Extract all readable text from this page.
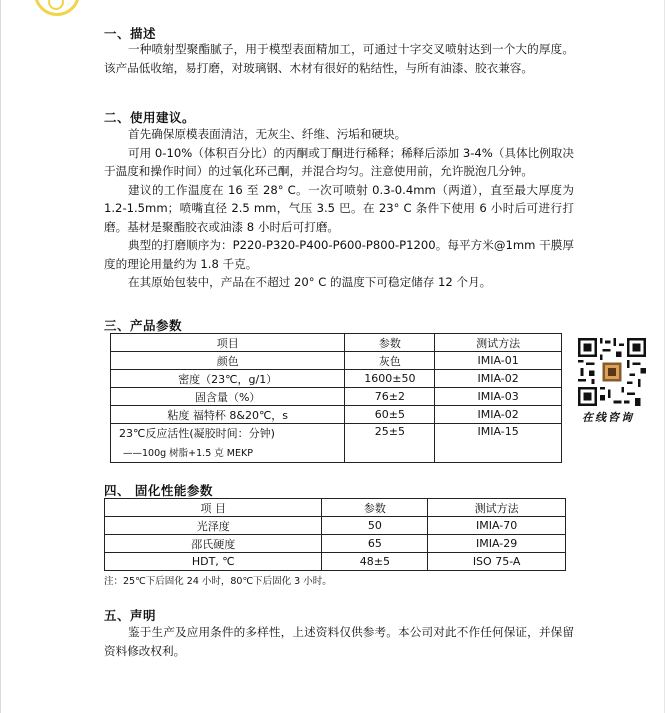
一、描述

一种喷射型聚酯腻子，用于模型表面精加工，可通过十字交叉喷射达到一个大的厚度。该产品低收缩，易打磨，对玻璃钢、木材有很好的粘结性，与所有油漆、胶衣兼容。

二、使用建议。

首先确保原模表面清洁，无灰尘、纤维、污垢和硬块。

可用 0-10%（体积百分比）的丙酮或丁酮进行稀释；稀释后添加 3-4%（具体比例取决于温度和操作时间）的过氧化环己酮，并混合均匀。注意使用前，允许脱泡几分钟。

建议的工作温度在 16 至 28° C。一次可喷射 0.3-0.4mm（两道），直至最大厚度为 1.2-1.5mm；喷嘴直径 2.5 mm，气压 3.5 巴。在 23° C 条件下使用 6 小时后可进行打磨。基材是聚酯胶衣或油漆 8 小时后可打磨。

典型的打磨顺序为：P220-P320-P400-P600-P800-P1200。每平方米@1mm 干膜厚度的理论用量约为 1.8 千克。

在其原始包装中，产品在不超过 20° C 的温度下可稳定储存 12 个月。

三、产品参数
项目	参数	测试方法
颜色	灰色	IMIA-01
密度（23℃，g/1）	1600±50	IMIA-02
固含量（%）	76±2	IMIA-03
粘度 福特杯 8&20℃，s	60±5	IMIA-02

23℃反应活性(凝胶时间：分钟)
——100g 树脂+1.5 克 MEKP	25±5	IMIA-15
在线咨询
四、 固化性能参数
项 目	参数	测试方法
光泽度	50	IMIA-70
邵氏硬度	65	IMIA-29
HDT, ℃	48±5	ISO 75-A
注：25℃下后固化 24 小时，80℃下后固化 3 小时。
五、声明

鉴于生产及应用条件的多样性，上述资料仅供参考。本公司对此不作任何保证，并保留资料修改权利。
